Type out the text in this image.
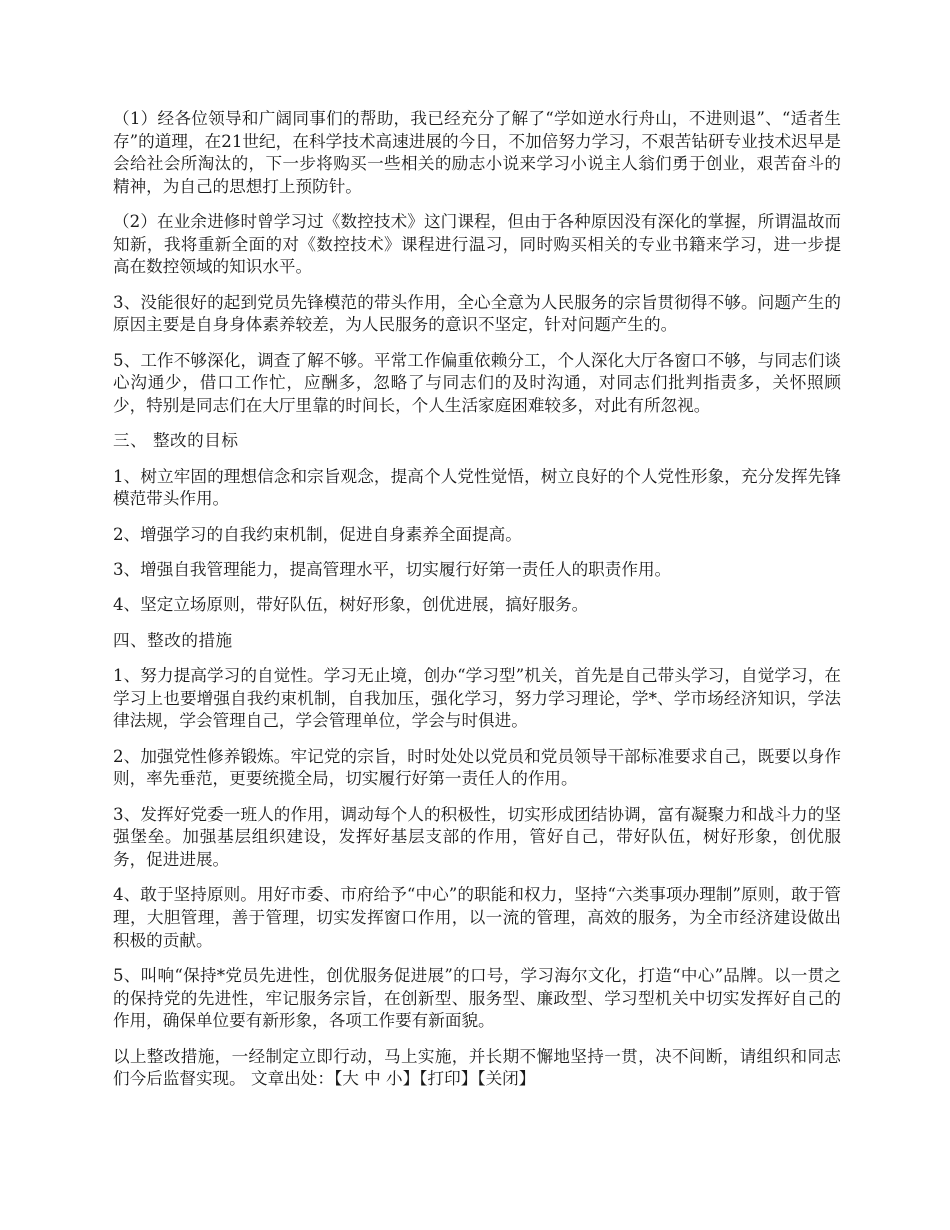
（1）经各位领导和广阔同事们的帮助，我已经充分了解了“学如逆水行舟山，不进则退”、“适者生存”的道理，在21世纪，在科学技术高速进展的今日，不加倍努力学习，不艰苦钻研专业技术迟早是会给社会所淘汰的，下一步将购买一些相关的励志小说来学习小说主人翁们勇于创业，艰苦奋斗的精神，为自己的思想打上预防针。

（2）在业余进修时曾学习过《数控技术》这门课程，但由于各种原因没有深化的掌握，所谓温故而知新，我将重新全面的对《数控技术》课程进行温习，同时购买相关的专业书籍来学习，进一步提高在数控领域的知识水平。

3、没能很好的起到党员先锋模范的带头作用，全心全意为人民服务的宗旨贯彻得不够。问题产生的原因主要是自身身体素养较差，为人民服务的意识不坚定，针对问题产生的。

5、工作不够深化，调查了解不够。平常工作偏重依赖分工，个人深化大厅各窗口不够，与同志们谈心沟通少，借口工作忙，应酬多，忽略了与同志们的及时沟通，对同志们批判指责多，关怀照顾少，特别是同志们在大厅里靠的时间长，个人生活家庭困难较多，对此有所忽视。

三、 整改的目标

1、树立牢固的理想信念和宗旨观念，提高个人党性觉悟，树立良好的个人党性形象，充分发挥先锋模范带头作用。

2、增强学习的自我约束机制，促进自身素养全面提高。

3、增强自我管理能力，提高管理水平，切实履行好第一责任人的职责作用。

4、坚定立场原则，带好队伍，树好形象，创优进展，搞好服务。

四、整改的措施

1、努力提高学习的自觉性。学习无止境，创办“学习型”机关，首先是自己带头学习，自觉学习，在学习上也要增强自我约束机制，自我加压，强化学习，努力学习理论，学*、学市场经济知识，学法律法规，学会管理自己，学会管理单位，学会与时俱进。

2、加强党性修养锻炼。牢记党的宗旨，时时处处以党员和党员领导干部标准要求自己，既要以身作则，率先垂范，更要统揽全局，切实履行好第一责任人的作用。

3、发挥好党委一班人的作用，调动每个人的积极性，切实形成团结协调，富有凝聚力和战斗力的坚强堡垒。加强基层组织建设，发挥好基层支部的作用，管好自己，带好队伍，树好形象，创优服务，促进进展。

4、敢于坚持原则。用好市委、市府给予“中心”的职能和权力，坚持“六类事项办理制”原则，敢于管理，大胆管理，善于管理，切实发挥窗口作用，以一流的管理，高效的服务，为全市经济建设做出积极的贡献。

5、叫响“保持*党员先进性，创优服务促进展”的口号，学习海尔文化，打造“中心”品牌。以一贯之的保持党的先进性，牢记服务宗旨，在创新型、服务型、廉政型、学习型机关中切实发挥好自己的作用，确保单位要有新形象，各项工作要有新面貌。

以上整改措施，一经制定立即行动，马上实施，并长期不懈地坚持一贯，决不间断，请组织和同志们今后监督实现。 文章出处：【大 中 小】【打印】【关闭】
